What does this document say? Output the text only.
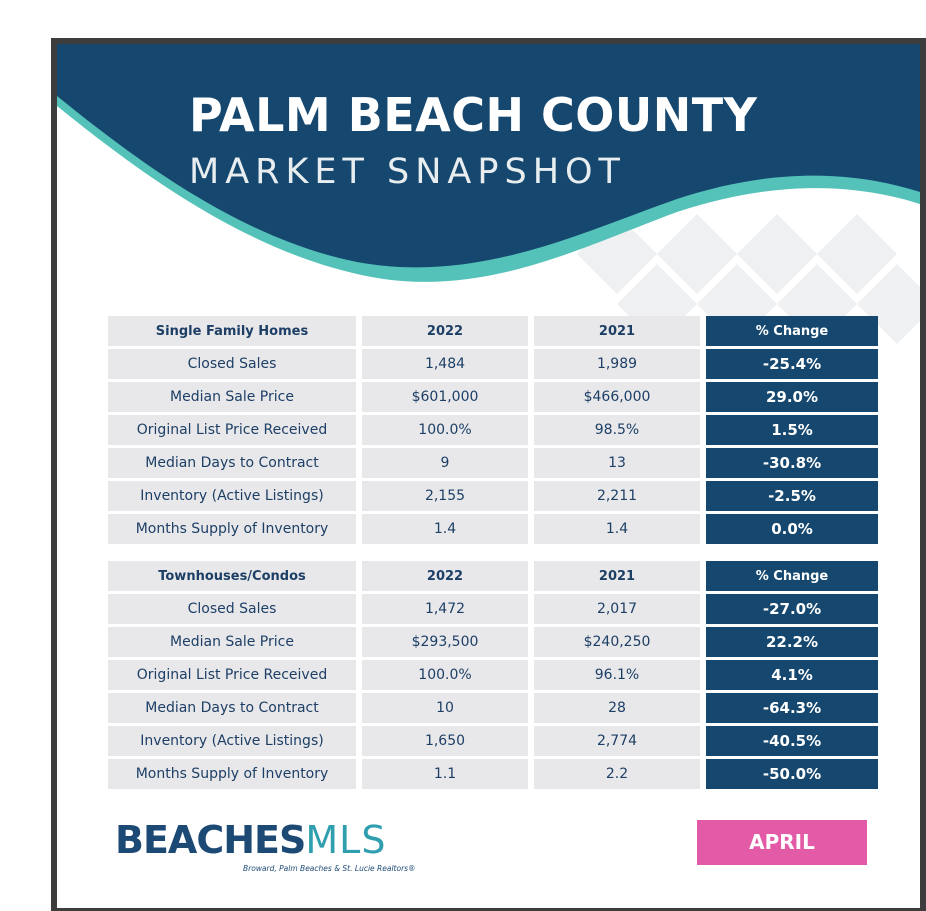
PALM BEACH COUNTY
MARKET SNAPSHOT
Single Family Homes	2022	2021	% Change
Closed Sales	1,484	1,989	-25.4%
Median Sale Price	$601,000	$466,000	29.0%
Original List Price Received	100.0%	98.5%	1.5%
Median Days to Contract	9	13	-30.8%
Inventory (Active Listings)	2,155	2,211	-2.5%
Months Supply of Inventory	1.4	1.4	0.0%
Townhouses/Condos	2022	2021	% Change
Closed Sales	1,472	2,017	-27.0%
Median Sale Price	$293,500	$240,250	22.2%
Original List Price Received	100.0%	96.1%	4.1%
Median Days to Contract	10	28	-64.3%
Inventory (Active Listings)	1,650	2,774	-40.5%
Months Supply of Inventory	1.1	2.2	-50.0%
BEACHESMLS
Broward, Palm Beaches & St. Lucie Realtors®
APRIL
